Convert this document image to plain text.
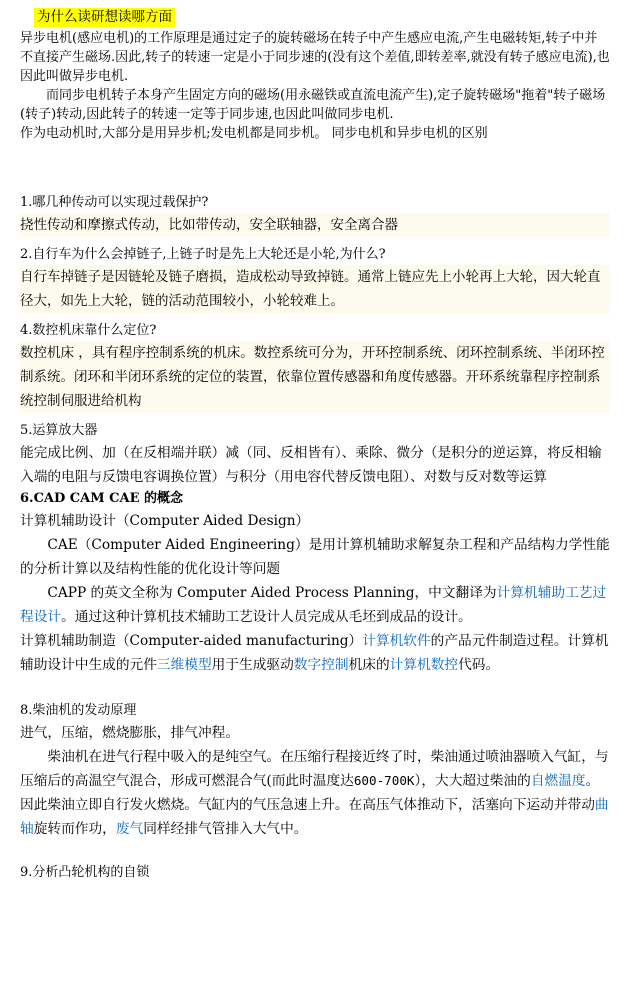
为什么读研想读哪方面

异步电机(感应电机)的工作原理是通过定子的旋转磁场在转子中产生感应电流,产生电磁转矩,转子中并不直接产生磁场.因此,转子的转速一定是小于同步速的(没有这个差值,即转差率,就没有转子感应电流),也因此叫做异步电机.

而同步电机转子本身产生固定方向的磁场(用永磁铁或直流电流产生),定子旋转磁场"拖着"转子磁场(转子)转动,因此转子的转速一定等于同步速,也因此叫做同步电机.

作为电动机时,大部分是用异步机;发电机都是同步机。 同步电机和异步电机的区别

1.哪几种传动可以实现过载保护?

挠性传动和摩擦式传动，比如带传动，安全联轴器，安全离合器

2.自行车为什么会掉链子,上链子时是先上大轮还是小轮,为什么?

自行车掉链子是因链轮及链子磨损，造成松动导致掉链。通常上链应先上小轮再上大轮，因大轮直径大，如先上大轮，链的活动范围较小，小轮较难上。

4.数控机床靠什么定位?

数控机床 ，具有程序控制系统的机床。数控系统可分为，开环控制系统、闭环控制系统、半闭环控制系统。闭环和半闭环系统的定位的装置，依靠位置传感器和角度传感器。开环系统靠程序控制系统控制伺服进给机构

5.运算放大器

能完成比例、加（在反相端并联）减（同、反相皆有）、乘除、微分（是积分的逆运算，将反相输入端的电阻与反馈电容调换位置）与积分（用电容代替反馈电阻）、对数与反对数等运算

6.CAD CAM CAE 的概念

计算机辅助设计（Computer Aided Design）

CAE（Computer Aided Engineering）是用计算机辅助求解复杂工程和产品结构力学性能的分析计算以及结构性能的优化设计等问题

CAPP 的英文全称为 Computer Aided Process Planning，中文翻译为计算机辅助工艺过程设计。通过这种计算机技术辅助工艺设计人员完成从毛坯到成品的设计。

计算机辅助制造（Computer-aided manufacturing）计算机软件的产品元件制造过程。计算机辅助设计中生成的元件三维模型用于生成驱动数字控制机床的计算机数控代码。

8.柴油机的发动原理

进气，压缩，燃烧膨胀，排气冲程。

柴油机在进气行程中吸入的是纯空气。在压缩行程接近终了时，柴油通过喷油器喷入气缸，与压缩后的高温空气混合，形成可燃混合气(而此时温度达600-700K），大大超过柴油的自燃温度。因此柴油立即自行发火燃烧。气缸内的气压急速上升。在高压气体推动下，活塞向下运动并带动曲轴旋转而作功，废气同样经排气管排入大气中。

9.分析凸轮机构的自锁
